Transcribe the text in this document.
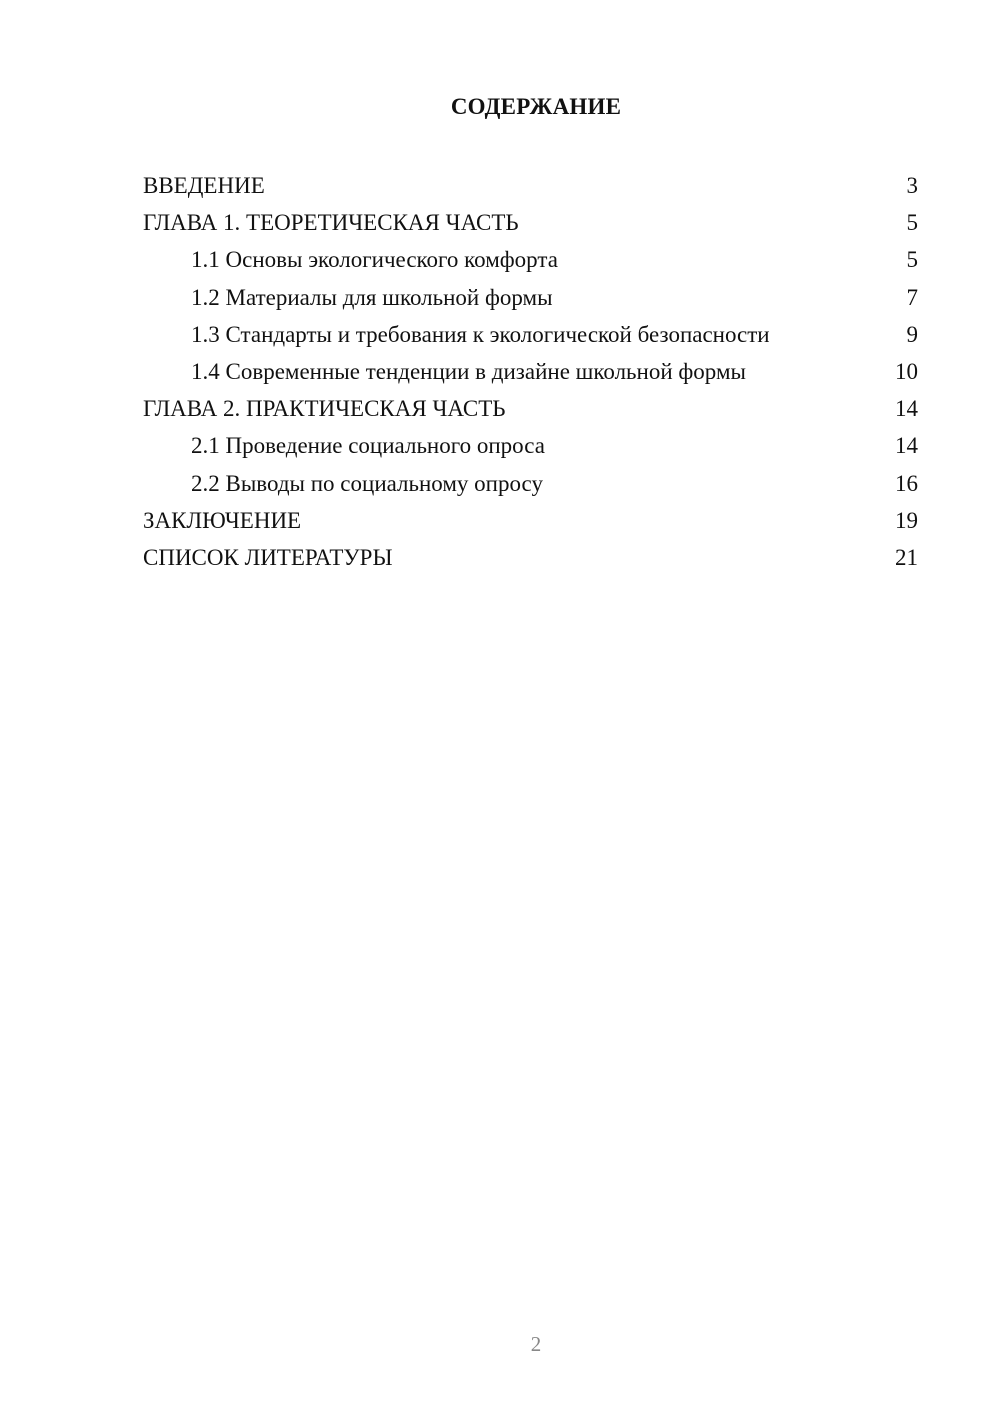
СОДЕРЖАНИЕ
ВВЕДЕНИЕ	3
ГЛАВА 1. ТЕОРЕТИЧЕСКАЯ ЧАСТЬ	5
1.1 Основы экологического комфорта	5
1.2 Материалы для школьной формы	7
1.3 Стандарты и требования к экологической безопасности	9
1.4 Современные тенденции в дизайне школьной формы	10
ГЛАВА 2. ПРАКТИЧЕСКАЯ ЧАСТЬ	14
2.1 Проведение социального опроса	14
2.2 Выводы по социальному опросу	16
ЗАКЛЮЧЕНИЕ	19
СПИСОК ЛИТЕРАТУРЫ	21
2
